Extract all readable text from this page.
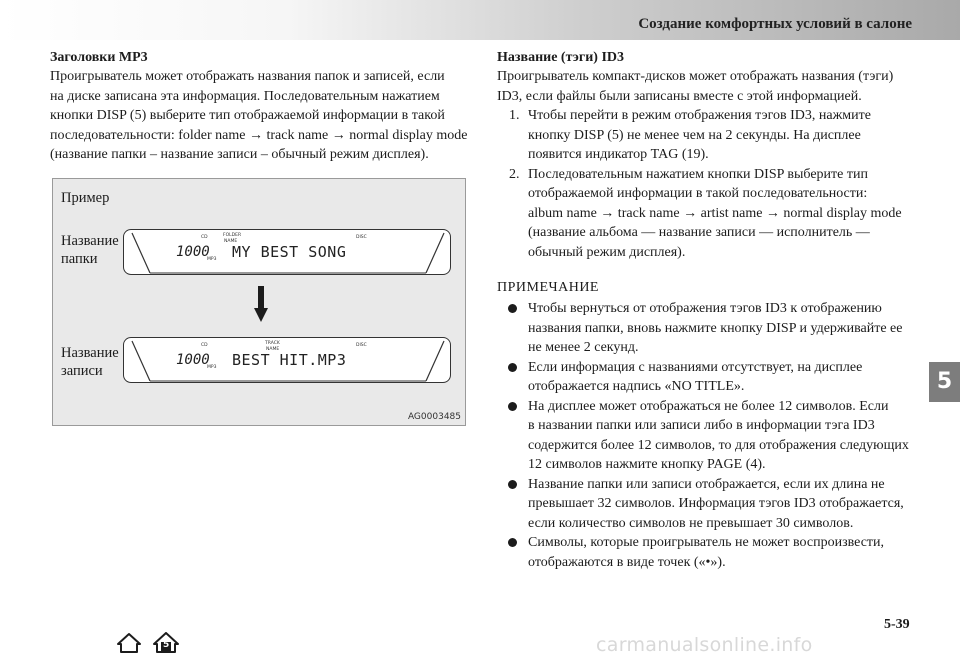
Создание комфортных условий в салоне
Заголовки МР3

Проигрыватель может отображать названия папок и записей, если
на диске записана эта информация. Последовательным нажатием
кнопки DISP (5) выберите тип отображаемой информации в такой
последовательности: folder name → track name → normal display mode
(название папки – название записи – обычный режим дисплея).

Пример
Название
папки
CD	FOLDER
NAME
DISC
MP3
1000 MY BEST SONG
Название
записи
CD	TRACK
NAME
DISC
MP3
1000 BEST HIT.MP3
AG0003485
Название (тэги) ID3

Проигрыватель компакт-дисков может отображать названия (тэги)
ID3, если файлы были записаны вместе с этой информацией.

1. Чтобы перейти в режим отображения тэгов ID3, нажмите
кнопку DISP (5) не менее чем на 2 секунды. На дисплее
появится индикатор TAG (19).
2. Последовательным нажатием кнопки DISP выберите тип
отображаемой информации в такой последовательности:
album name → track name → artist name → normal display mode
(название альбома — название записи — исполнитель —
обычный режим дисплея).
ПРИМЕЧАНИЕ
Чтобы вернуться от отображения тэгов ID3 к отображению
названия папки, вновь нажмите кнопку DISP и удерживайте ее
не менее 2 секунд.
Если информация с названиями отсутствует, на дисплее
отображается надпись «NO TITLE».
На дисплее может отображаться не более 12 символов. Если
в названии папки или записи либо в информации тэга ID3
содержится более 12 символов, то для отображения следующих
12 символов нажмите кнопку PAGE (4).
Название папки или записи отображается, если их длина не
превышает 32 символов. Информация тэгов ID3 отображается,
если количество символов не превышает 30 символов.
Символы, которые проигрыватель не может воспроизвести,
отображаются в виде точек («•»).
5
5-39

5	carmanualsonline.info
